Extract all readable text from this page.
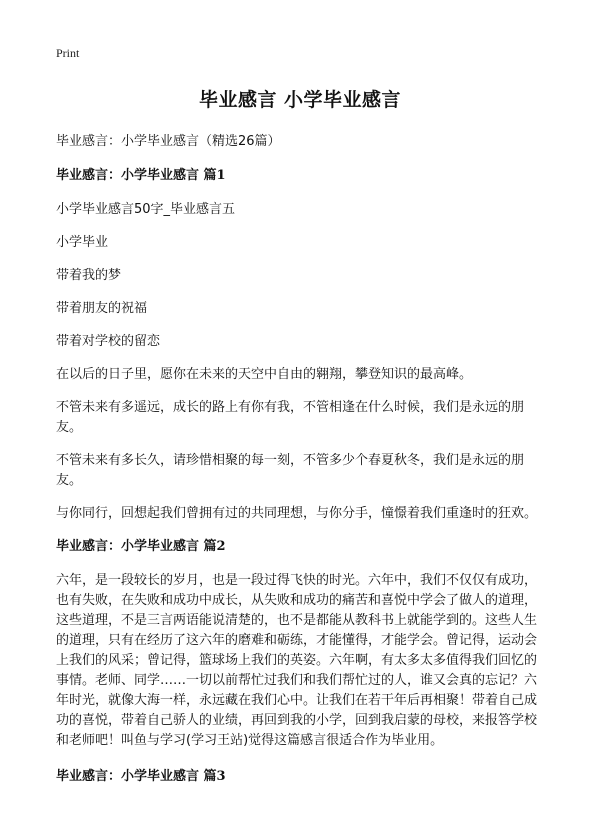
Print
毕业感言 小学毕业感言

毕业感言：小学毕业感言（精选26篇）

毕业感言：小学毕业感言 篇1

小学毕业感言50字_毕业感言五

小学毕业

带着我的梦

带着朋友的祝福

带着对学校的留恋

在以后的日子里，愿你在未来的天空中自由的翱翔，攀登知识的最高峰。

不管未来有多遥远，成长的路上有你有我，不管相逢在什么时候，我们是永远的朋友。

不管未来有多长久，请珍惜相聚的每一刻，不管多少个春夏秋冬，我们是永远的朋友。

与你同行，回想起我们曾拥有过的共同理想，与你分手，憧憬着我们重逢时的狂欢。

毕业感言：小学毕业感言 篇2

六年，是一段较长的岁月，也是一段过得飞快的时光。六年中，我们不仅仅有成功，也有失败，在失败和成功中成长，从失败和成功的痛苦和喜悦中学会了做人的道理，这些道理，不是三言两语能说清楚的，也不是都能从教科书上就能学到的。这些人生的道理，只有在经历了这六年的磨难和砺练，才能懂得，才能学会。曾记得，运动会上我们的风采；曾记得，篮球场上我们的英姿。六年啊，有太多太多值得我们回忆的事情。老师、同学……一切以前帮忙过我们和我们帮忙过的人，谁又会真的忘记？六年时光，就像大海一样，永远藏在我们心中。让我们在若干年后再相聚！带着自己成功的喜悦，带着自己骄人的业绩，再回到我的小学，回到我启蒙的母校，来报答学校和老师吧！叫鱼与学习(学习王站)觉得这篇感言很适合作为毕业用。

毕业感言：小学毕业感言 篇3
